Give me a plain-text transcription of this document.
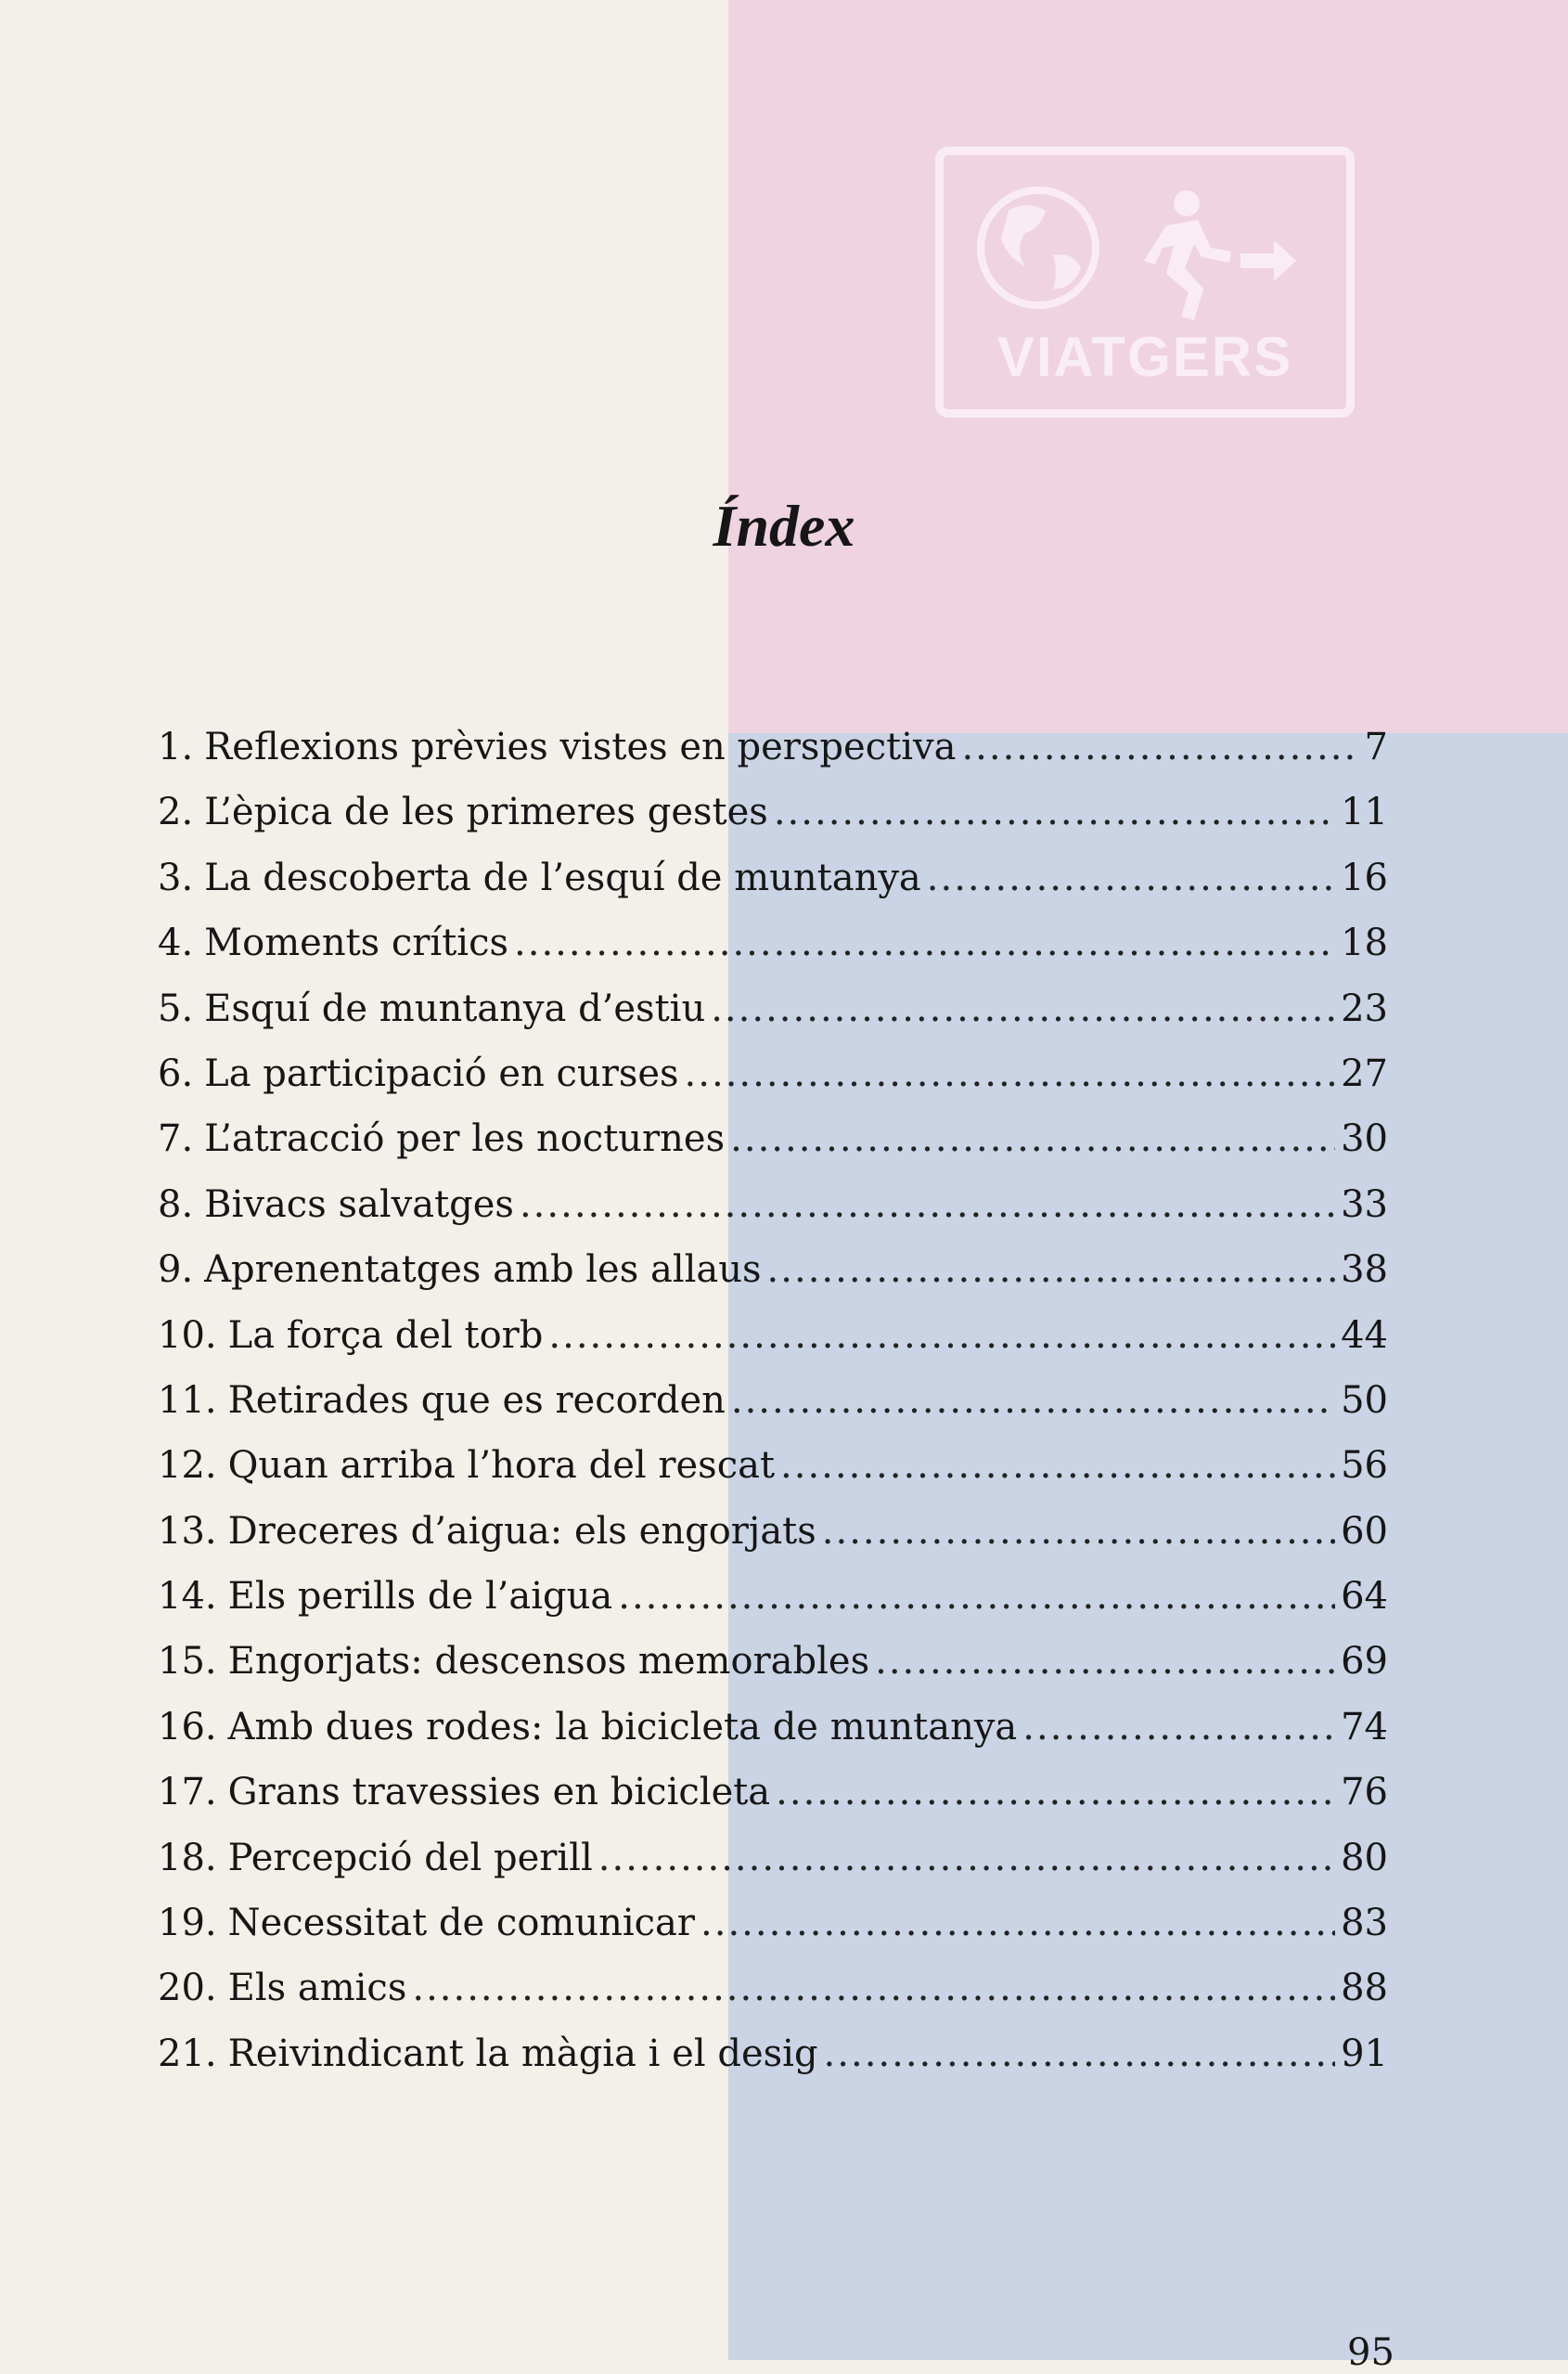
VIATGERS
Índex
1. Reflexions prèvies vistes en perspectiva .....	7
2. L’èpica de les primeres gestes .....	11
3. La descoberta de l’esquí de muntanya .....	16
4. Moments crítics .....	18
5. Esquí de muntanya d’estiu .....	23
6. La participació en curses .....	27
7. L’atracció per les nocturnes .....	30
8. Bivacs salvatges .....	33
9. Aprenentatges amb les allaus .....	38
10. La força del torb .....	44
11. Retirades que es recorden .....	50
12. Quan arriba l’hora del rescat .....	56
13. Dreceres d’aigua: els engorjats .....	60
14. Els perills de l’aigua .....	64
15. Engorjats: descensos memorables .....	69
16. Amb dues rodes: la bicicleta de muntanya .....	74
17. Grans travessies en bicicleta .....	76
18. Percepció del perill .....	80
19. Necessitat de comunicar .....	83
20. Els amics .....	88
21. Reivindicant la màgia i el desig .....	91
95
